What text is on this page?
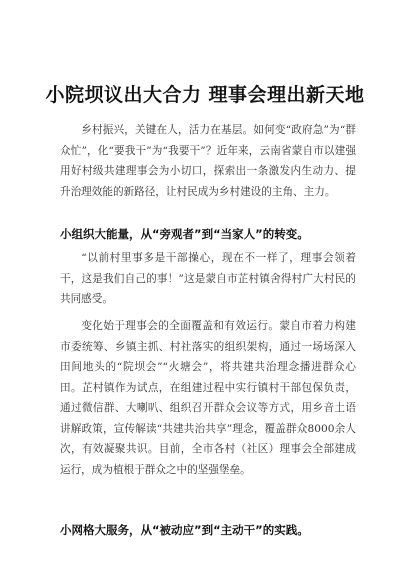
小院坝议出大合力 理事会理出新天地

乡村振兴，关键在人，活力在基层。如何变“政府急”为“群众忙”，化“要我干”为“我要干”？近年来，云南省蒙自市以建强用好村级共建理事会为小切口，探索出一条激发内生动力、提升治理效能的新路径，让村民成为乡村建设的主角、主力。

小组织大能量，从“旁观者”到“当家人”的转变。

“以前村里事多是干部操心，现在不一样了，理事会领着干，这是我们自己的事！”这是蒙自市芷村镇舍得村广大村民的共同感受。

变化始于理事会的全面覆盖和有效运行。蒙自市着力构建市委统筹、乡镇主抓、村社落实的组织架构，通过一场场深入田间地头的“院坝会”“火塘会”，将共建共治理念播进群众心田。芷村镇作为试点，在组建过程中实行镇村干部包保负责，通过微信群、大喇叭、组织召开群众会议等方式，用乡音土语讲解政策，宣传解读“共建共治共享”理念，覆盖群众8000余人次，有效凝聚共识。目前，全市各村（社区）理事会全部建成运行，成为植根于群众之中的坚强堡垒。

小网格大服务，从“被动应”到“主动干”的实践。
